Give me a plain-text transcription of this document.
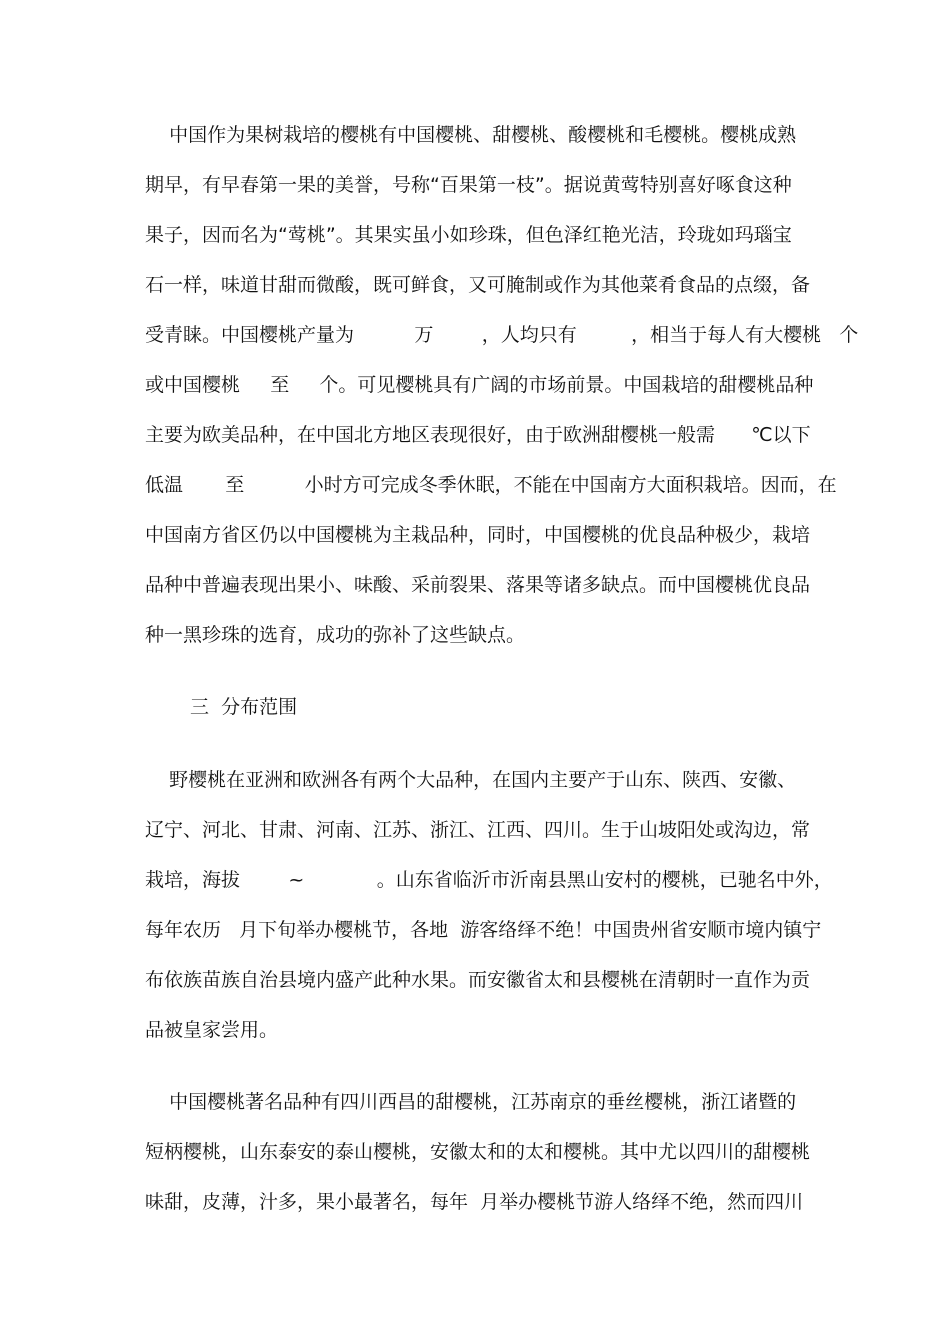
中国作为果树栽培的樱桃有中国樱桃、甜樱桃、酸樱桃和毛樱桃。樱桃成熟
期早，有早春第一果的美誉，号称“百果第一枝”。据说黄莺特别喜好啄食这种
果子，因而名为“莺桃”。其果实虽小如珍珠，但色泽红艳光洁，玲珑如玛瑙宝
石一样，味道甘甜而微酸，既可鲜食，又可腌制或作为其他菜肴食品的点缀，备
受青睐。中国樱桃产量为          万        ，人均只有         ，相当于每人有大樱桃   个
或中国樱桃     至     个。可见樱桃具有广阔的市场前景。中国栽培的甜樱桃品种
主要为欧美品种，在中国北方地区表现很好，由于欧洲甜樱桃一般需      ℃以下
低温       至          小时方可完成冬季休眠，不能在中国南方大面积栽培。因而，在
中国南方省区仍以中国樱桃为主栽品种，同时，中国樱桃的优良品种极少，栽培
品种中普遍表现出果小、味酸、采前裂果、落果等诸多缺点。而中国樱桃优良品
种一黑珍珠的选育，成功的弥补了这些缺点。
三  分布范围
野樱桃在亚洲和欧洲各有两个大品种，在国内主要产于山东、陕西、安徽、
辽宁、河北、甘肃、河南、江苏、浙江、江西、四川。生于山坡阳处或沟边，常
栽培，海拔        ~            。山东省临沂市沂南县黑山安村的樱桃，已驰名中外，
每年农历   月下旬举办樱桃节，各地  游客络绎不绝！中国贵州省安顺市境内镇宁
布依族苗族自治县境内盛产此种水果。而安徽省太和县樱桃在清朝时一直作为贡
品被皇家尝用。
中国樱桃著名品种有四川西昌的甜樱桃，江苏南京的垂丝樱桃，浙江诸暨的
短柄樱桃，山东泰安的泰山樱桃，安徽太和的太和樱桃。其中尤以四川的甜樱桃
味甜，皮薄，汁多，果小最著名，每年  月举办樱桃节游人络绎不绝，然而四川
